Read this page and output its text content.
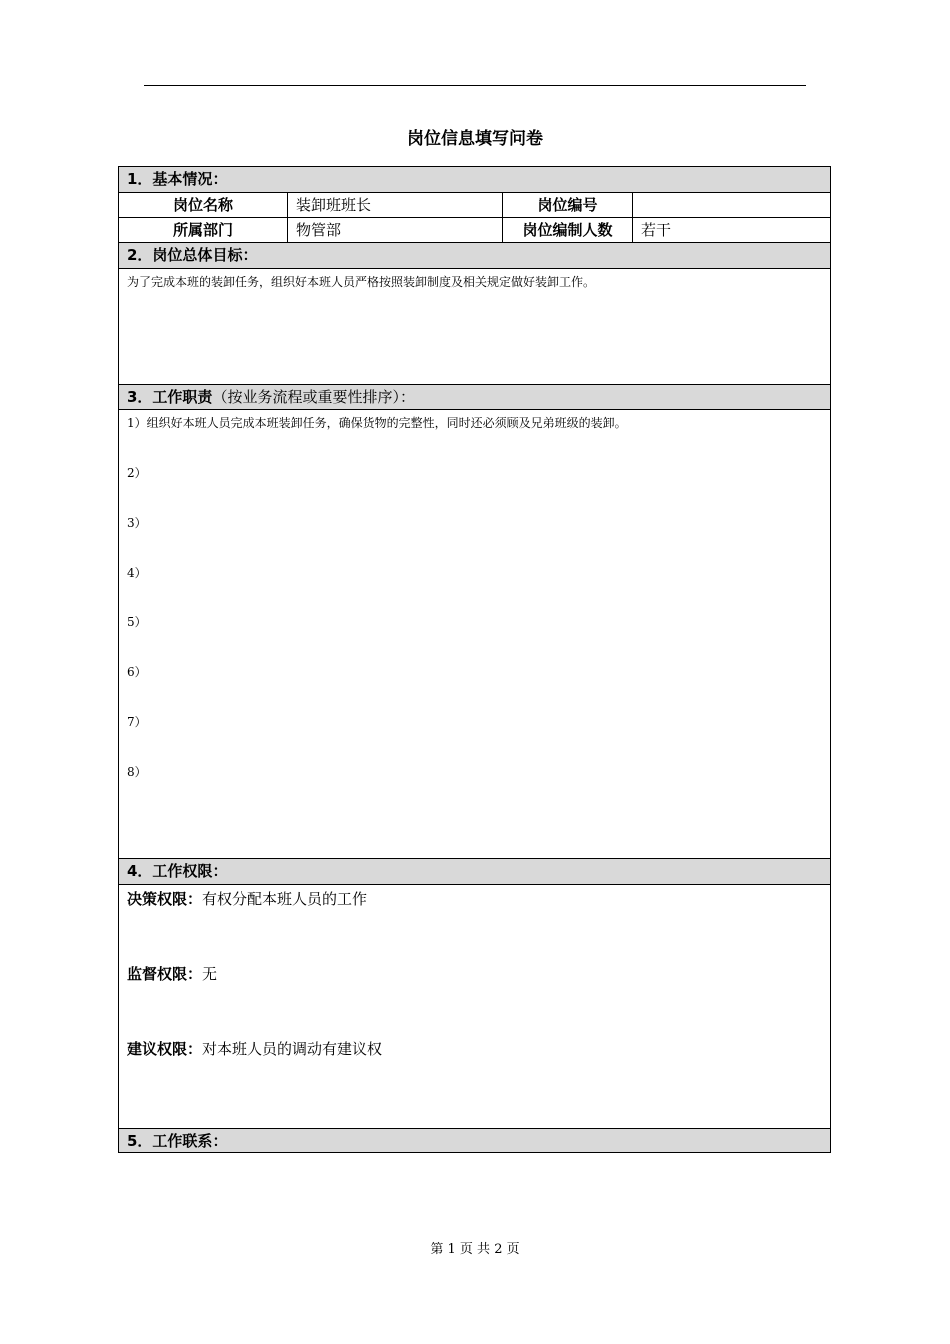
岗位信息填写问卷
1．基本情况：
岗位名称	装卸班班长	岗位编号
所属部门	物管部	岗位编制人数	若干
2．岗位总体目标：
为了完成本班的装卸任务，组织好本班人员严格按照装卸制度及相关规定做好装卸工作。
3．工作职责（按业务流程或重要性排序）：
1）组织好本班人员完成本班装卸任务，确保货物的完整性，同时还必须顾及兄弟班级的装卸。
2）
3）
4）
5）
6）
7）
8）
4．工作权限：
决策权限：有权分配本班人员的工作
监督权限：无
建议权限：对本班人员的调动有建议权
5．工作联系：
第 1 页 共 2 页
